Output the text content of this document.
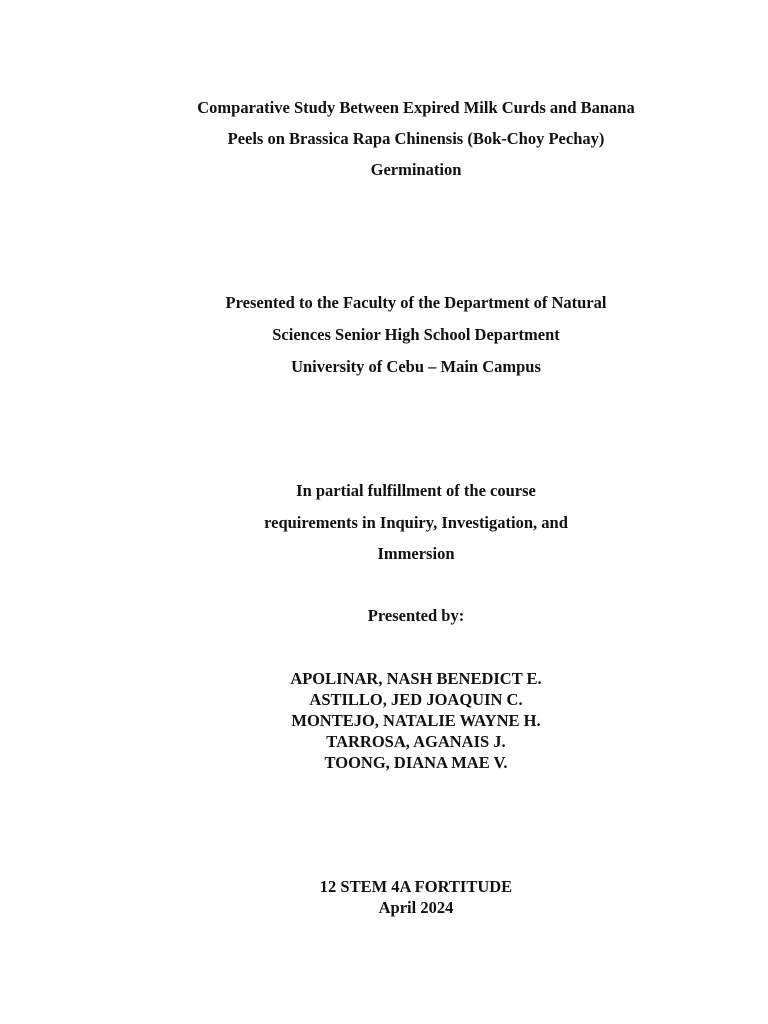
Comparative Study Between Expired Milk Curds and Banana
Peels on Brassica Rapa Chinensis (Bok-Choy Pechay)
Germination
Presented to the Faculty of the Department of Natural
Sciences Senior High School Department
University of Cebu – Main Campus
In partial fulfillment of the course
requirements in Inquiry, Investigation, and
Immersion
Presented by:
APOLINAR, NASH BENEDICT E.
ASTILLO, JED JOAQUIN C.
MONTEJO, NATALIE WAYNE H.
TARROSA, AGANAIS J.
TOONG, DIANA MAE V.
12 STEM 4A FORTITUDE
April 2024
